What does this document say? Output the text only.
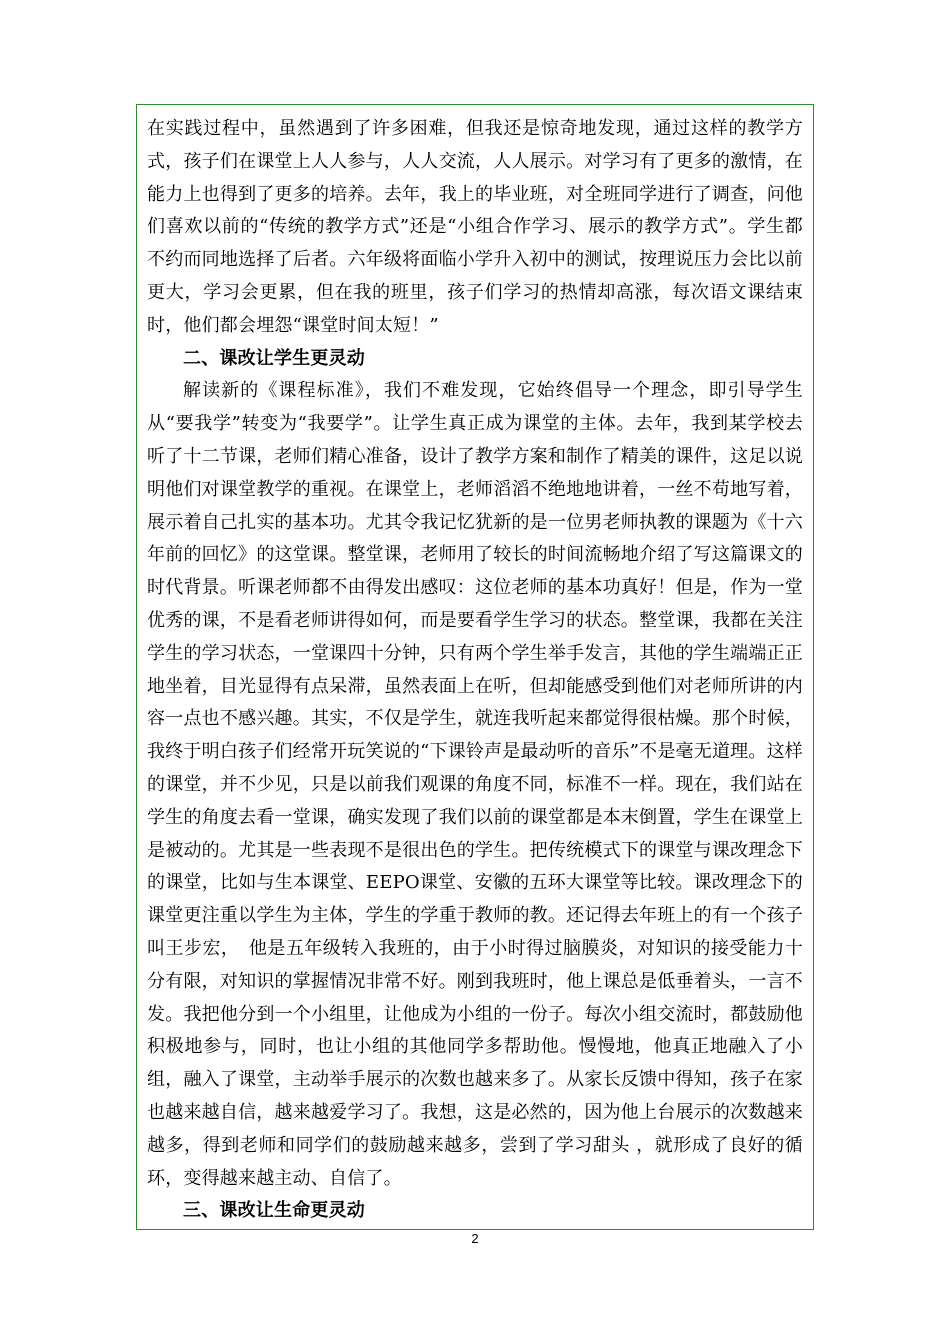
在实践过程中，虽然遇到了许多困难，但我还是惊奇地发现，通过这样的教学方式，孩子们在课堂上人人参与，人人交流，人人展示。对学习有了更多的激情，在能力上也得到了更多的培养。去年，我上的毕业班，对全班同学进行了调查，问他们喜欢以前的“传统的教学方式”还是“小组合作学习、展示的教学方式”。学生都不约而同地选择了后者。六年级将面临小学升入初中的测试，按理说压力会比以前更大，学习会更累，但在我的班里，孩子们学习的热情却高涨，每次语文课结束时，他们都会埋怨“课堂时间太短！”

二、课改让学生更灵动

解读新的《课程标准》，我们不难发现，它始终倡导一个理念，即引导学生从“要我学”转变为“我要学”。让学生真正成为课堂的主体。去年，我到某学校去听了十二节课，老师们精心准备，设计了教学方案和制作了精美的课件，这足以说明他们对课堂教学的重视。在课堂上，老师滔滔不绝地地讲着，一丝不苟地写着，展示着自己扎实的基本功。尤其令我记忆犹新的是一位男老师执教的课题为《十六年前的回忆》的这堂课。整堂课，老师用了较长的时间流畅地介绍了写这篇课文的时代背景。听课老师都不由得发出感叹：这位老师的基本功真好！但是，作为一堂优秀的课，不是看老师讲得如何，而是要看学生学习的状态。整堂课，我都在关注学生的学习状态，一堂课四十分钟，只有两个学生举手发言，其他的学生端端正正地坐着，目光显得有点呆滞，虽然表面上在听，但却能感受到他们对老师所讲的内容一点也不感兴趣。其实，不仅是学生，就连我听起来都觉得很枯燥。那个时候，我终于明白孩子们经常开玩笑说的“下课铃声是最动听的音乐”不是毫无道理。这样的课堂，并不少见，只是以前我们观课的角度不同，标准不一样。现在，我们站在学生的角度去看一堂课，确实发现了我们以前的课堂都是本末倒置，学生在课堂上是被动的。尤其是一些表现不是很出色的学生。把传统模式下的课堂与课改理念下的课堂，比如与生本课堂、EEPO课堂、安徽的五环大课堂等比较。课改理念下的课堂更注重以学生为主体，学生的学重于教师的教。还记得去年班上的有一个孩子叫王步宏，　他是五年级转入我班的，由于小时得过脑膜炎，对知识的接受能力十分有限，对知识的掌握情况非常不好。刚到我班时，他上课总是低垂着头，一言不发。我把他分到一个小组里，让他成为小组的一份子。每次小组交流时，都鼓励他积极地参与，同时，也让小组的其他同学多帮助他。慢慢地，他真正地融入了小组，融入了课堂，主动举手展示的次数也越来多了。从家长反馈中得知，孩子在家也越来越自信，越来越爱学习了。我想，这是必然的，因为他上台展示的次数越来越多，得到老师和同学们的鼓励越来越多，尝到了学习甜头 ，就形成了良好的循环，变得越来越主动、自信了。

三、课改让生命更灵动

2
